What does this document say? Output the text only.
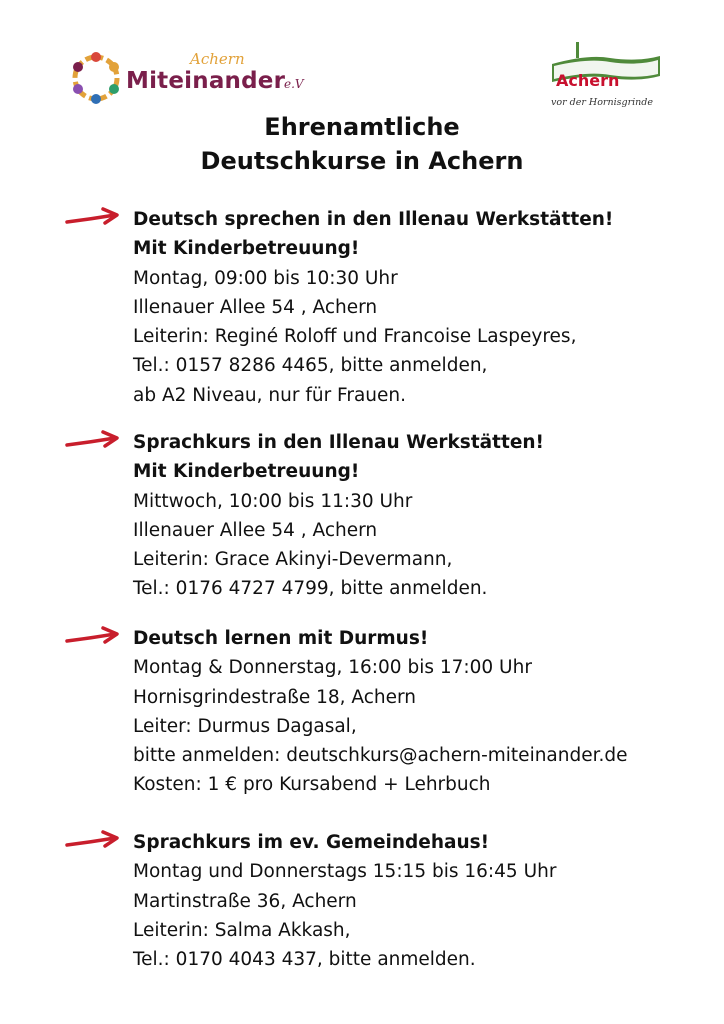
Achern
Miteinander
e.V	Achern
vor der Hornisgrinde
Ehrenamtliche
Deutschkurse in Achern
Deutsch sprechen in den Illenau Werkstätten!
Mit Kinderbetreuung!
Montag, 09:00 bis 10:30 Uhr
Illenauer Allee 54 , Achern
Leiterin: Reginé Roloff und Francoise Laspeyres,
Tel.: 0157 8286 4465, bitte anmelden,
ab A2 Niveau, nur für Frauen.
Sprachkurs in den Illenau Werkstätten!
Mit Kinderbetreuung!
Mittwoch, 10:00 bis 11:30 Uhr
Illenauer Allee 54 , Achern
Leiterin: Grace Akinyi-Devermann,
Tel.: 0176 4727 4799, bitte anmelden.
Deutsch lernen mit Durmus!
Montag & Donnerstag, 16:00 bis 17:00 Uhr
Hornisgrindestraße 18, Achern
Leiter: Durmus Dagasal,
bitte anmelden: deutschkurs@achern-miteinander.de
Kosten: 1 € pro Kursabend + Lehrbuch
Sprachkurs im ev. Gemeindehaus!
Montag und Donnerstags 15:15 bis 16:45 Uhr
Martinstraße 36, Achern
Leiterin: Salma Akkash,
Tel.: 0170 4043 437, bitte anmelden.
